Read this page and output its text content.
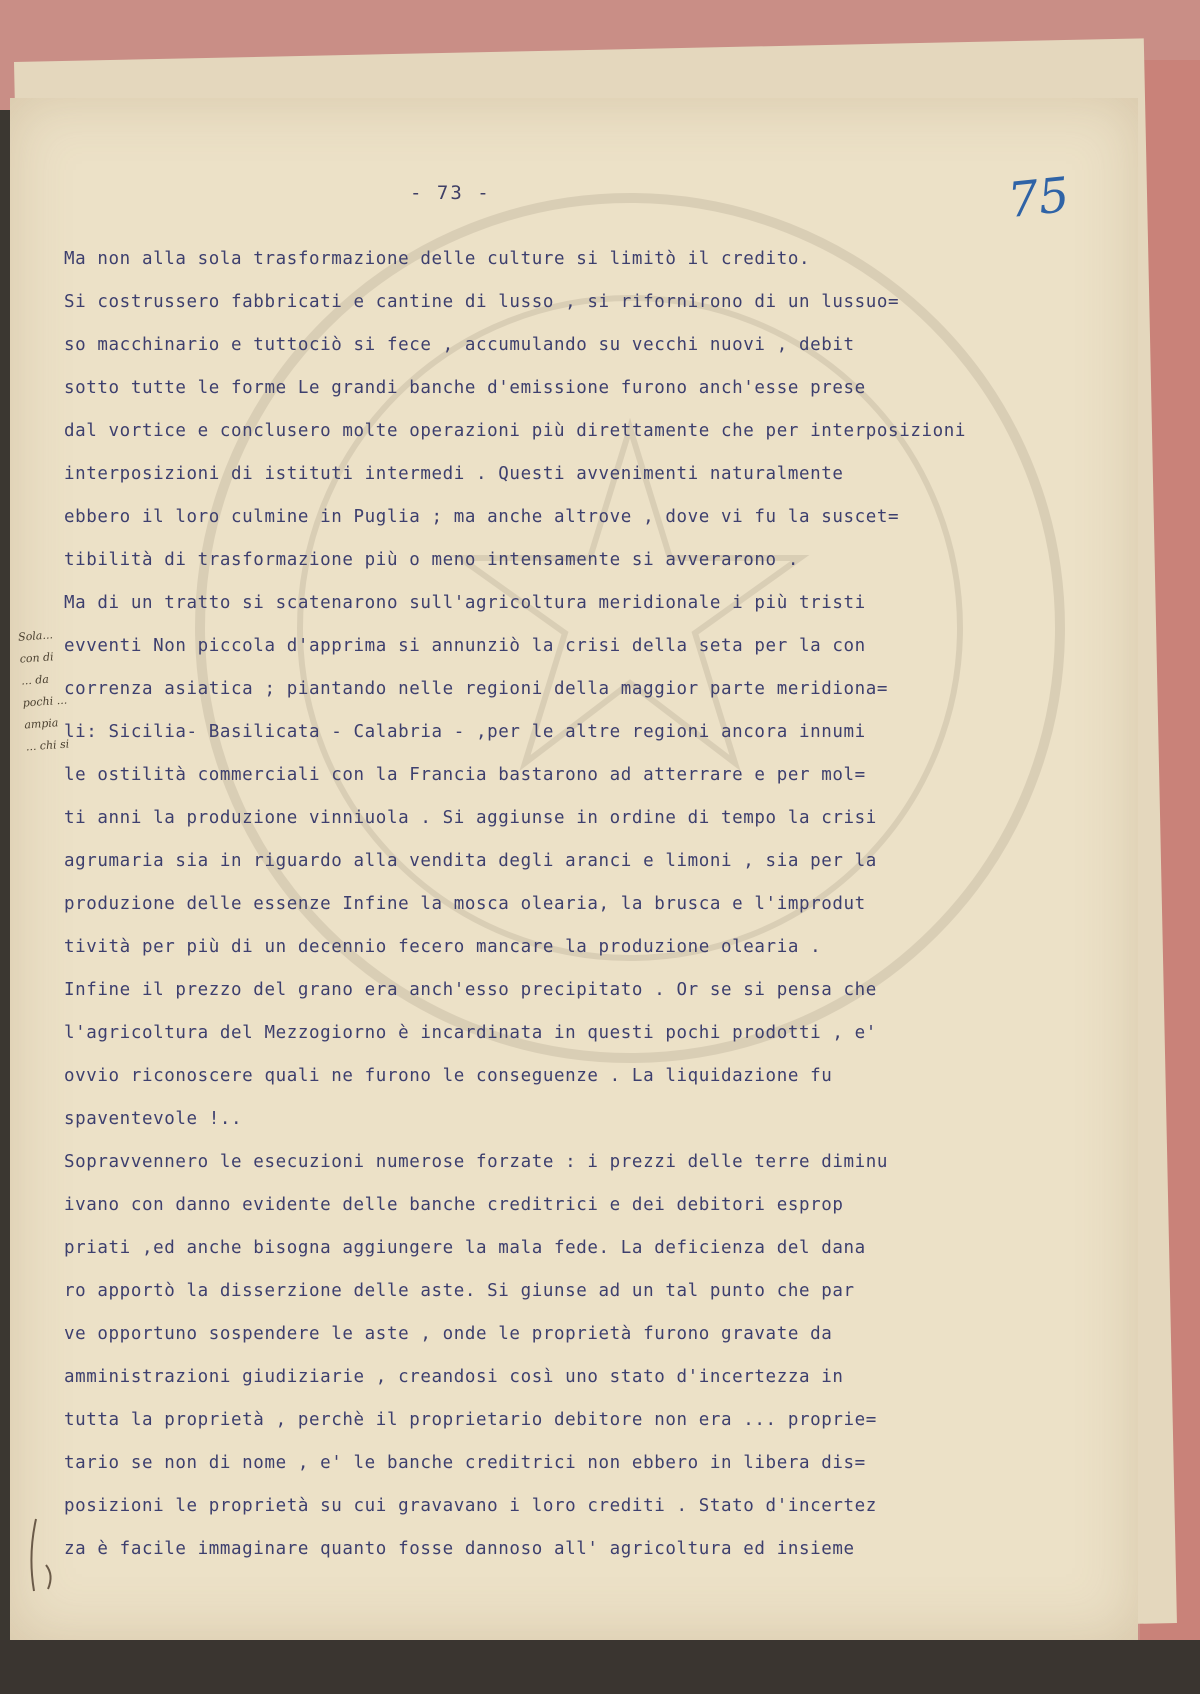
- 73 -	75
Sola... con di ... da pochi ... ampia ... chi si
Ma non alla sola trasformazione delle culture si limitò il credito.
Si costrussero fabbricati e cantine di lusso , si rifornirono di un lussuo=
so macchinario e tuttociò si fece , accumulando su vecchi nuovi , debit
sotto tutte le forme Le grandi banche d'emissione furono anch'esse prese
dal vortice e conclusero molte operazioni più direttamente che per interposizioni
interposizioni di istituti intermedi . Questi avvenimenti naturalmente
ebbero il loro culmine in Puglia ; ma anche altrove , dove vi fu la suscet=
tibilità di trasformazione più o meno intensamente si avverarono .
Ma di un tratto si scatenarono sull'agricoltura meridionale i più tristi
evventi Non piccola d'apprima si annunziò la crisi della seta per la con
correnza asiatica ; piantando nelle regioni della maggior parte meridiona=
li: Sicilia- Basilicata - Calabria - ,per le altre regioni ancora innumi
le ostilità commerciali con la Francia bastarono ad atterrare e per mol=
ti anni la produzione vinniuola . Si aggiunse in ordine di tempo la crisi
agrumaria sia in riguardo alla vendita degli aranci e limoni , sia per la
produzione delle essenze Infine la mosca olearia, la brusca e l'improdut
tività per più di un decennio fecero mancare la produzione olearia .
Infine il prezzo del grano era anch'esso precipitato . Or se si pensa che
l'agricoltura del Mezzogiorno è incardinata in questi pochi prodotti , e'
ovvio riconoscere quali ne furono le conseguenze . La liquidazione fu
spaventevole !..
Sopravvennero le esecuzioni numerose forzate : i prezzi delle terre diminu
ivano con danno evidente delle banche creditrici e dei debitori esprop
priati ,ed anche bisogna aggiungere la mala fede. La deficienza del dana
ro apportò la disserzione delle aste. Si giunse ad un tal punto che par
ve opportuno sospendere le aste , onde le proprietà furono gravate da
amministrazioni giudiziarie , creandosi così uno stato d'incertezza in
tutta la proprietà , perchè il proprietario debitore non era ... proprie=
tario se non di nome , e' le banche creditrici non ebbero in libera dis=
posizioni le proprietà su cui gravavano i loro crediti . Stato d'incertez
za è facile immaginare quanto fosse dannoso all' agricoltura ed insieme
